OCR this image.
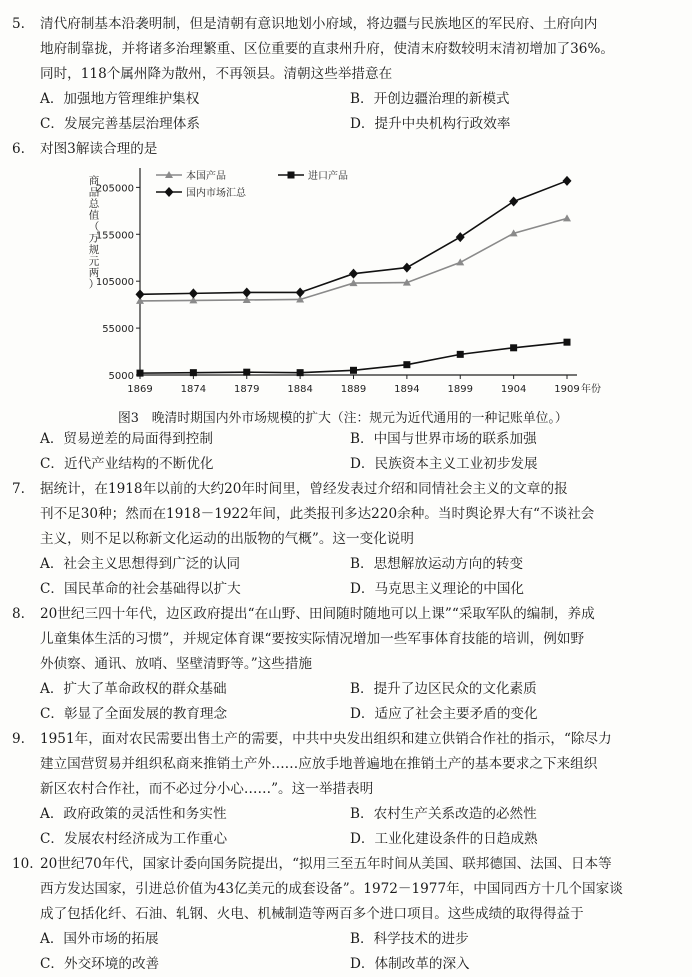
5. 清代府制基本沿袭明制，但是清朝有意识地划小府域，将边疆与民族地区的军民府、土府向内
地府制靠拢，并将诸多治理繁重、区位重要的直隶州升府，使清末府数较明末清初增加了36%。
同时，118个属州降为散州，不再领县。清朝这些举措意在
A．加强地方管理维护集权	B．开创边疆治理的新模式
C．发展完善基层治理体系	D．提升中央机构行政效率
6. 对图3解读合理的是
5000
55000
105000
155000
205000
1869	1874	1879	1884	1889	1894	1899	1904	1909 年份
商品总值（万规元两）
本国产品	进口产品
国内市场汇总
图3　晚清时期国内外市场规模的扩大（注：规元为近代通用的一种记账单位。）
A．贸易逆差的局面得到控制	B．中国与世界市场的联系加强
C．近代产业结构的不断优化	D．民族资本主义工业初步发展
7. 据统计，在1918年以前的大约20年时间里，曾经发表过介绍和同情社会主义的文章的报
刊不足30种；然而在1918－1922年间，此类报刊多达220余种。当时舆论界大有“不谈社会
主义，则不足以称新文化运动的出版物的气概”。这一变化说明
A．社会主义思想得到广泛的认同	B．思想解放运动方向的转变
C．国民革命的社会基础得以扩大	D．马克思主义理论的中国化
8. 20世纪三四十年代，边区政府提出“在山野、田间随时随地可以上课”“采取军队的编制，养成
儿童集体生活的习惯”，并规定体育课“要按实际情况增加一些军事体育技能的培训，例如野
外侦察、通讯、放哨、坚壁清野等。”这些措施
A．扩大了革命政权的群众基础	B．提升了边区民众的文化素质
C．彰显了全面发展的教育理念	D．适应了社会主要矛盾的变化
9. 1951年，面对农民需要出售土产的需要，中共中央发出组织和建立供销合作社的指示，“除尽力
建立国营贸易并组织私商来推销土产外……应放手地普遍地在推销土产的基本要求之下来组织
新区农村合作社，而不必过分小心……”。这一举措表明
A．政府政策的灵活性和务实性	B．农村生产关系改造的必然性
C．发展农村经济成为工作重心	D．工业化建设条件的日趋成熟
10. 20世纪70年代，国家计委向国务院提出，“拟用三至五年时间从美国、联邦德国、法国、日本等
西方发达国家，引进总价值为43亿美元的成套设备”。1972－1977年，中国同西方十几个国家谈
成了包括化纤、石油、轧钢、火电、机械制造等两百多个进口项目。这些成绩的取得得益于
A．国外市场的拓展	B．科学技术的进步
C．外交环境的改善	D．体制改革的深入
